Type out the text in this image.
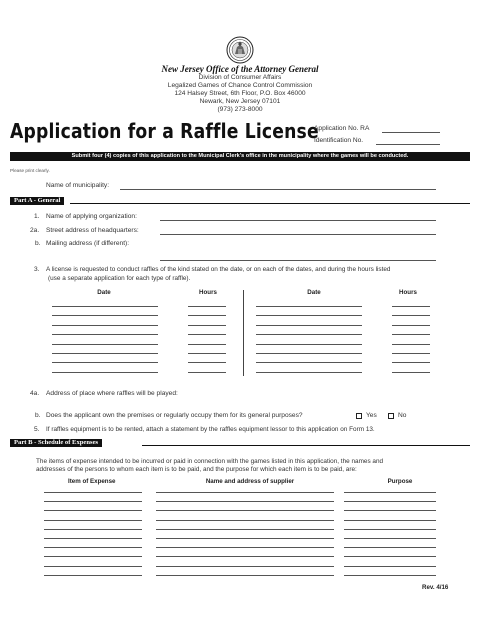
New Jersey Office of the Attorney General
Division of Consumer Affairs
Legalized Games of Chance Control Commission
124 Halsey Street, 6th Floor, P.O. Box 46000
Newark, New Jersey 07101
(973) 273-8000
Application for a Raffle License
Application No. RA
Identification No.
Submit four (4) copies of this application to the Municipal Clerk's office in the municipality where the games will be conducted.
Please print clearly.
Name of municipality:
Part A - General
1. Name of applying organization:
2a. Street address of headquarters:
b. Mailing address (if different):
3. A license is requested to conduct raffles of the kind stated on the date, or on each of the dates, and during the hours listed
(use a separate application for each type of raffle).
Date	Hours	Date	Hours
4a. Address of place where raffles will be played:
b. Does the applicant own the premises or regularly occupy them for its general purposes?	Yes	No
5. If raffles equipment is to be rented, attach a statement by the raffles equipment lessor to this application on Form 13.
Part B - Schedule of Expenses
The items of expense intended to be incurred or paid in connection with the games listed in this application, the names and
addresses of the persons to whom each item is to be paid, and the purpose for which each item is to be paid, are:
Item of Expense	Name and address of supplier	Purpose
Rev. 4/16
